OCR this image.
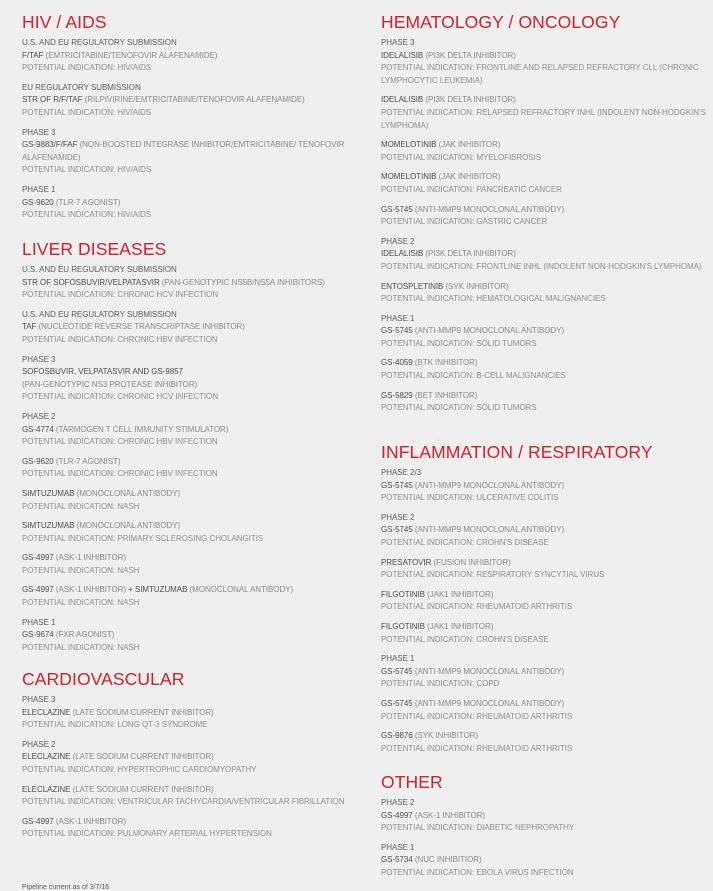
HIV / AIDS
U.S. AND EU REGULATORY SUBMISSION
F/TAF (EMTRICITABINE/TENOFOVIR ALAFENAMIDE)
POTENTIAL INDICATION: HIV/AIDS
EU REGULATORY SUBMISSION
STR OF R/F/TAF (RILPIVIRINE/EMTRICITABINE/TENOFOVIR ALAFENAMIDE)
POTENTIAL INDICATION: HIV/AIDS
PHASE 3
GS-9883/F/FAF (NON-BOOSTED INTEGRASE INHIBITOR/EMTRICITABINE/ TENOFOVIR ALAFENAMIDE)
POTENTIAL INDICATION: HIV/AIDS
PHASE 1
GS-9620 (TLR-7 AGONIST)
POTENTIAL INDICATION: HIV/AIDS
LIVER DISEASES
U.S. AND EU REGULATORY SUBMISSION
STR OF SOFOSBUVIR/VELPATASVIR (PAN-GENOTYPIC NS5B/NS5A INHIBITORS)
POTENTIAL INDICATION: CHRONIC HCV INFECTION
U.S. AND EU REGULATORY SUBMISSION
TAF (NUCLEOTIDE REVERSE TRANSCRIPTASE INHIBITOR)
POTENTIAL INDICATION: CHRONIC HBV INFECTION
PHASE 3
SOFOSBUVIR, VELPATASVIR AND GS-9857
(PAN-GENOTYPIC NS3 PROTEASE INHIBITOR)
POTENTIAL INDICATION: CHRONIC HCV INFECTION
PHASE 2
GS-4774 (TARMOGEN T CELL IMMUNITY STIMULATOR)
POTENTIAL INDICATION: CHRONIC HBV INFECTION
GS-9620 (TLR-7 AGONIST)
POTENTIAL INDICATION: CHRONIC HBV INFECTION
SIMTUZUMAB (MONOCLONAL ANTIBODY)
POTENTIAL INDICATION: NASH
SIMTUZUMAB (MONOCLONAL ANTIBODY)
POTENTIAL INDICATION: PRIMARY SCLEROSING CHOLANGITIS
GS-4997 (ASK-1 INHIBITOR)
POTENTIAL INDICATION: NASH
GS-4997 (ASK-1 INHIBITOR) + SIMTUZUMAB (MONOCLONAL ANTIBODY)
POTENTIAL INDICATION: NASH
PHASE 1
GS-9674 (FXR AGONIST)
POTENTIAL INDICATION: NASH
CARDIOVASCULAR
PHASE 3
ELECLAZINE (LATE SODIUM CURRENT INHIBITOR)
POTENTIAL INDICATION: LONG QT-3 SYNDROME
PHASE 2
ELECLAZINE (LATE SODIUM CURRENT INHIBITOR)
POTENTIAL INDICATION: HYPERTROPHIC CARDIOMYOPATHY
ELECLAZINE (LATE SODIUM CURRENT INHIBITOR)
POTENTIAL INDICATION: VENTRICULAR TACHYCARDIA/VENTRICULAR FIBRILLATION
GS-4997 (ASK-1 INHIBITOR)
POTENTIAL INDICATION: PULMONARY ARTERIAL HYPERTENSION
HEMATOLOGY / ONCOLOGY
PHASE 3
IDELALISIB (PI3K DELTA INHIBITOR)
POTENTIAL INDICATION: FRONTLINE AND RELAPSED REFRACTORY CLL (CHRONIC LYMPHOCYTIC LEUKEMIA)
IDELALISIB (PI3K DELTA INHIBITOR)
POTENTIAL INDICATION: RELAPSED REFRACTORY INHL (INDOLENT NON-HODGKIN'S LYMPHOMA)
MOMELOTINIB (JAK INHIBITOR)
POTENTIAL INDICATION: MYELOFIBROSIS
MOMELOTINIB (JAK INHIBITOR)
POTENTIAL INDICATION: PANCREATIC CANCER
GS-5745 (ANTI-MMP9 MONOCLONAL ANTIBODY)
POTENTIAL INDICATION: GASTRIC CANCER
PHASE 2
IDELALISIB (PI3K DELTA INHIBITOR)
POTENTIAL INDICATION: FRONTLINE INHL (INDOLENT NON-HODGKIN'S LYMPHOMA)
ENTOSPLETINIB (SYK INHIBITOR)
POTENTIAL INDICATION: HEMATOLOGICAL MALIGNANCIES
PHASE 1
GS-5745 (ANTI-MMP9 MONOCLONAL ANTIBODY)
POTENTIAL INDICATION: SOLID TUMORS
GS-4059 (BTK INHIBITOR)
POTENTIAL INDICATION: B-CELL MALIGNANCIES
GS-5829 (BET INHIBITOR)
POTENTIAL INDICATION: SOLID TUMORS
INFLAMMATION / RESPIRATORY
PHASE 2/3
GS-5745 (ANTI-MMP9 MONOCLONAL ANTIBODY)
POTENTIAL INDICATION: ULCERATIVE COLITIS
PHASE 2
GS-5745 (ANTI-MMP9 MONOCLONAL ANTIBODY)
POTENTIAL INDICATION: CROHN'S DISEASE
PRESATOVIR (FUSION INHIBITOR)
POTENTIAL INDICATION: RESPIRATORY SYNCYTIAL VIRUS
FILGOTINIB (JAK1 INHIBITOR)
POTENTIAL INDICATION: RHEUMATOID ARTHRITIS
FILGOTINIB (JAK1 INHIBITOR)
POTENTIAL INDICATION: CROHN'S DISEASE
PHASE 1
GS-5745 (ANTI-MMP9 MONOCLONAL ANTIBODY)
POTENTIAL INDICATION: COPD
GS-5745 (ANTI-MMP9 MONOCLONAL ANTIBODY)
POTENTIAL INDICATION: RHEUMATOID ARTHRITIS
GS-9876 (SYK INHIBITOR)
POTENTIAL INDICATION: RHEUMATOID ARTHRITIS
OTHER
PHASE 2
GS-4997 (ASK-1 INHIBITOR)
POTENTIAL INDICATION: DIABETIC NEPHROPATHY
PHASE 1
GS-5734 (NUC INHIBITIOR)
POTENTIAL INDICATION: EBOLA VIRUS INFECTION
Pipeline current as of 3/7/16
